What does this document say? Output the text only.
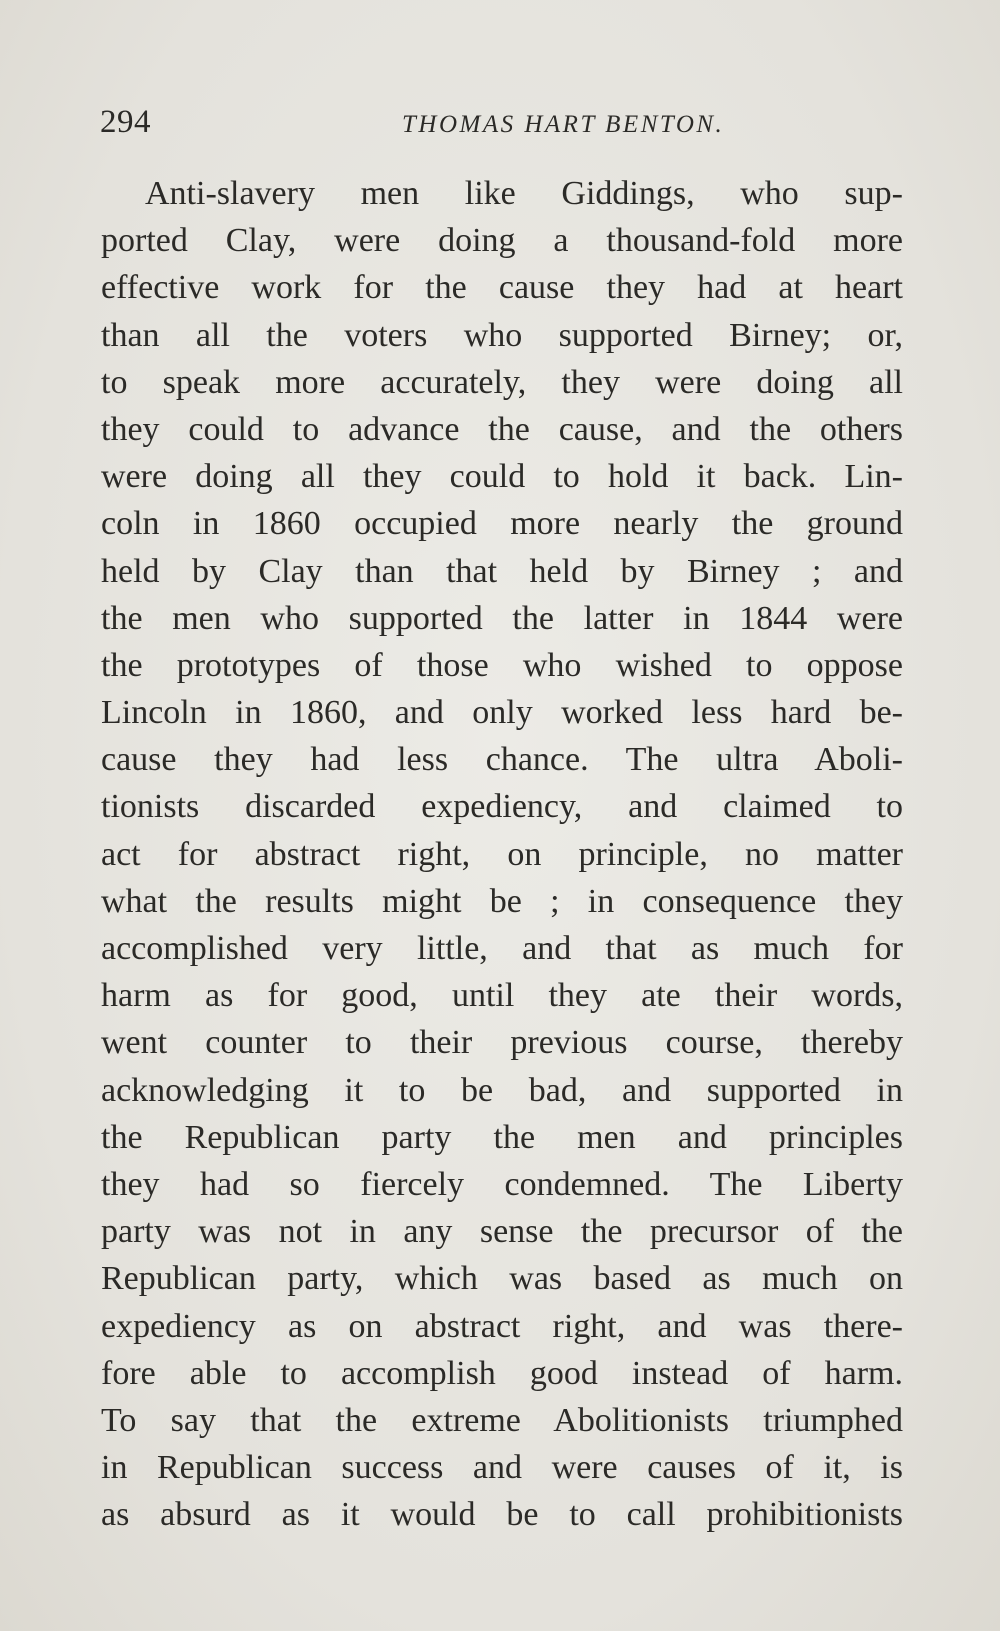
294	THOMAS HART BENTON.
Anti-slavery men like Giddings, who sup-
ported Clay, were doing a thousand-fold more
effective work for the cause they had at heart
than all the voters who supported Birney; or,
to speak more accurately, they were doing all
they could to advance the cause, and the others
were doing all they could to hold it back. Lin-
coln in 1860 occupied more nearly the ground
held by Clay than that held by Birney ; and
the men who supported the latter in 1844 were
the prototypes of those who wished to oppose
Lincoln in 1860, and only worked less hard be-
cause they had less chance. The ultra Aboli-
tionists discarded expediency, and claimed to
act for abstract right, on principle, no matter
what the results might be ; in consequence they
accomplished very little, and that as much for
harm as for good, until they ate their words,
went counter to their previous course, thereby
acknowledging it to be bad, and supported in
the Republican party the men and principles
they had so fiercely condemned. The Liberty
party was not in any sense the precursor of the
Republican party, which was based as much on
expediency as on abstract right, and was there-
fore able to accomplish good instead of harm.
To say that the extreme Abolitionists triumphed
in Republican success and were causes of it, is
as absurd as it would be to call prohibitionists
